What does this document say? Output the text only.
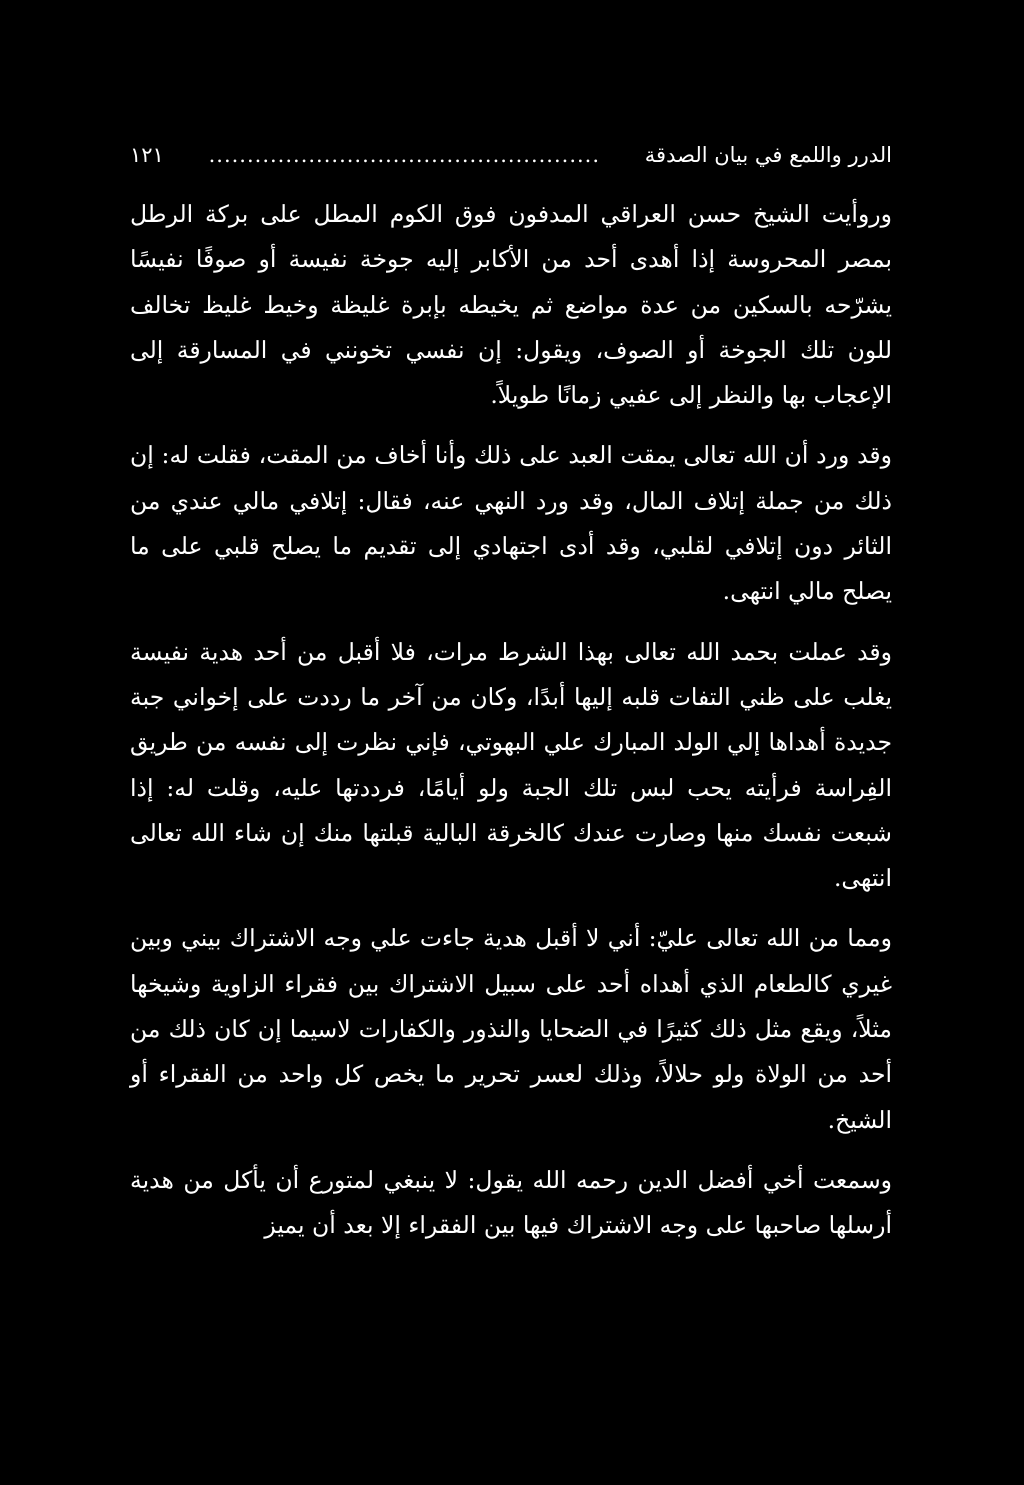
الدرر واللمع في بيان الصدقة
...................................................
١٢١

وروأيت الشيخ حسن العراقي المدفون فوق الكوم المطل على بركة الرطل بمصر المحروسة إذا أهدى أحد من الأكابر إليه جوخة نفيسة أو صوفًا نفيسًا يشرّحه بالسكين من عدة مواضع ثم يخيطه بإبرة غليظة وخيط غليظ تخالف للون تلك الجوخة أو الصوف، ويقول: إن نفسي تخونني في المسارقة إلى الإعجاب بها والنظر إلى عفيي زمانًا طويلاً.

وقد ورد أن الله تعالى يمقت العبد على ذلك وأنا أخاف من المقت، فقلت له: إن ذلك من جملة إتلاف المال، وقد ورد النهي عنه، فقال: إتلافي مالي عندي من الثائر دون إتلافي لقلبي، وقد أدى اجتهادي إلى تقديم ما يصلح قلبي على ما يصلح مالي انتهى.

وقد عملت بحمد الله تعالى بهذا الشرط مرات، فلا أقبل من أحد هدية نفيسة يغلب على ظني التفات قلبه إليها أبدًا، وكان من آخر ما رددت على إخواني جبة جديدة أهداها إلي الولد المبارك علي البهوتي، فإني نظرت إلى نفسه من طريق الفِراسة فرأيته يحب لبس تلك الجبة ولو أيامًا، فرددتها عليه، وقلت له: إذا شبعت نفسك منها وصارت عندك كالخرقة البالية قبلتها منك إن شاء الله تعالى انتهى.

ومما من الله تعالى عليّ: أني لا أقبل هدية جاءت علي وجه الاشتراك بيني وبين غيري كالطعام الذي أهداه أحد على سبيل الاشتراك بين فقراء الزاوية وشيخها مثلاً، ويقع مثل ذلك كثيرًا في الضحايا والنذور والكفارات لاسيما إن كان ذلك من أحد من الولاة ولو حلالاً، وذلك لعسر تحرير ما يخص كل واحد من الفقراء أو الشيخ.

وسمعت أخي أفضل الدين رحمه الله يقول: لا ينبغي لمتورع أن يأكل من هدية أرسلها صاحبها على وجه الاشتراك فيها بين الفقراء إلا بعد أن يميز
